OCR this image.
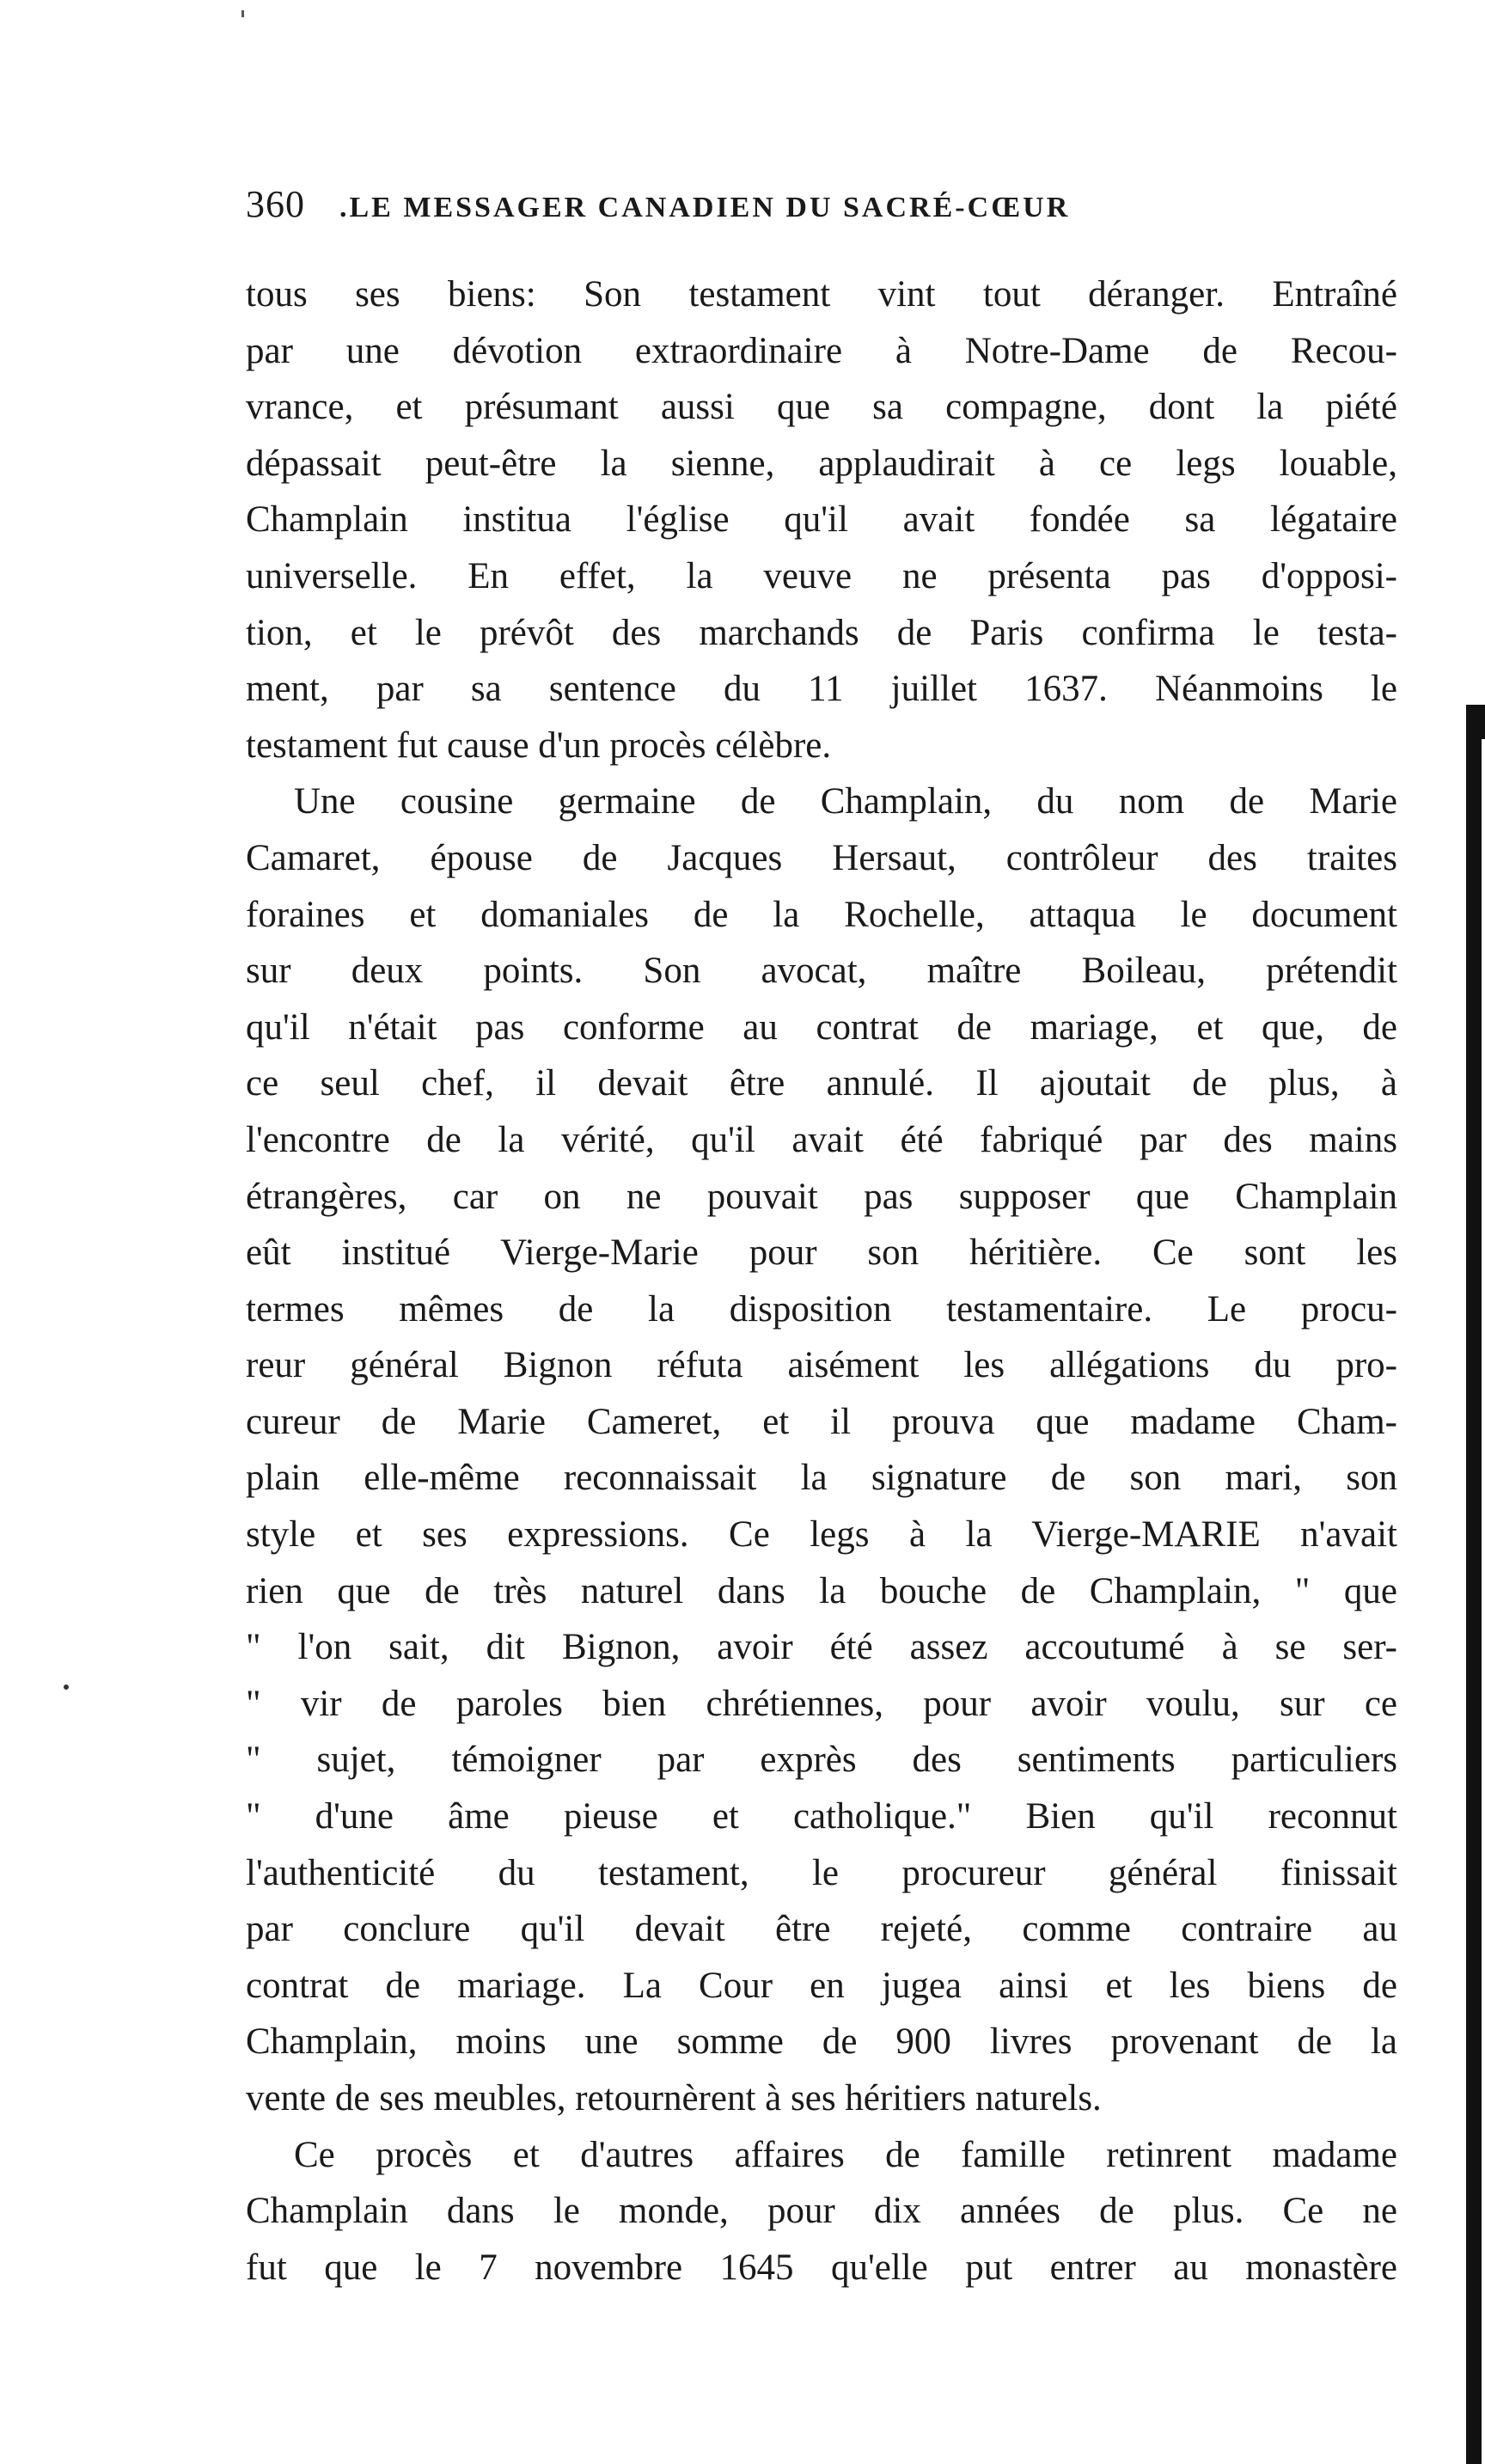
360 .LE MESSAGER CANADIEN DU SACRÉ-CŒUR
tous ses biens: Son testament vint tout déranger. Entraîné
par une dévotion extraordinaire à Notre-Dame de Recou-
vrance, et présumant aussi que sa compagne, dont la piété
dépassait peut-être la sienne, applaudirait à ce legs louable,
Champlain institua l'église qu'il avait fondée sa légataire
universelle. En effet, la veuve ne présenta pas d'opposi-
tion, et le prévôt des marchands de Paris confirma le testa-
ment, par sa sentence du 11 juillet 1637. Néanmoins le
testament fut cause d'un procès célèbre.
Une cousine germaine de Champlain, du nom de Marie
Camaret, épouse de Jacques Hersaut, contrôleur des traites
foraines et domaniales de la Rochelle, attaqua le document
sur deux points. Son avocat, maître Boileau, prétendit
qu'il n'était pas conforme au contrat de mariage, et que, de
ce seul chef, il devait être annulé. Il ajoutait de plus, à
l'encontre de la vérité, qu'il avait été fabriqué par des mains
étrangères, car on ne pouvait pas supposer que Champlain
eût institué Vierge-Marie pour son héritière. Ce sont les
termes mêmes de la disposition testamentaire. Le procu-
reur général Bignon réfuta aisément les allégations du pro-
cureur de Marie Cameret, et il prouva que madame Cham-
plain elle-même reconnaissait la signature de son mari, son
style et ses expressions. Ce legs à la Vierge-MARIE n'avait
rien que de très naturel dans la bouche de Champlain, " que
" l'on sait, dit Bignon, avoir été assez accoutumé à se ser-
" vir de paroles bien chrétiennes, pour avoir voulu, sur ce
" sujet, témoigner par exprès des sentiments particuliers
" d'une âme pieuse et catholique." Bien qu'il reconnut
l'authenticité du testament, le procureur général finissait
par conclure qu'il devait être rejeté, comme contraire au
contrat de mariage. La Cour en jugea ainsi et les biens de
Champlain, moins une somme de 900 livres provenant de la
vente de ses meubles, retournèrent à ses héritiers naturels.
Ce procès et d'autres affaires de famille retinrent madame
Champlain dans le monde, pour dix années de plus. Ce ne
fut que le 7 novembre 1645 qu'elle put entrer au monastère
